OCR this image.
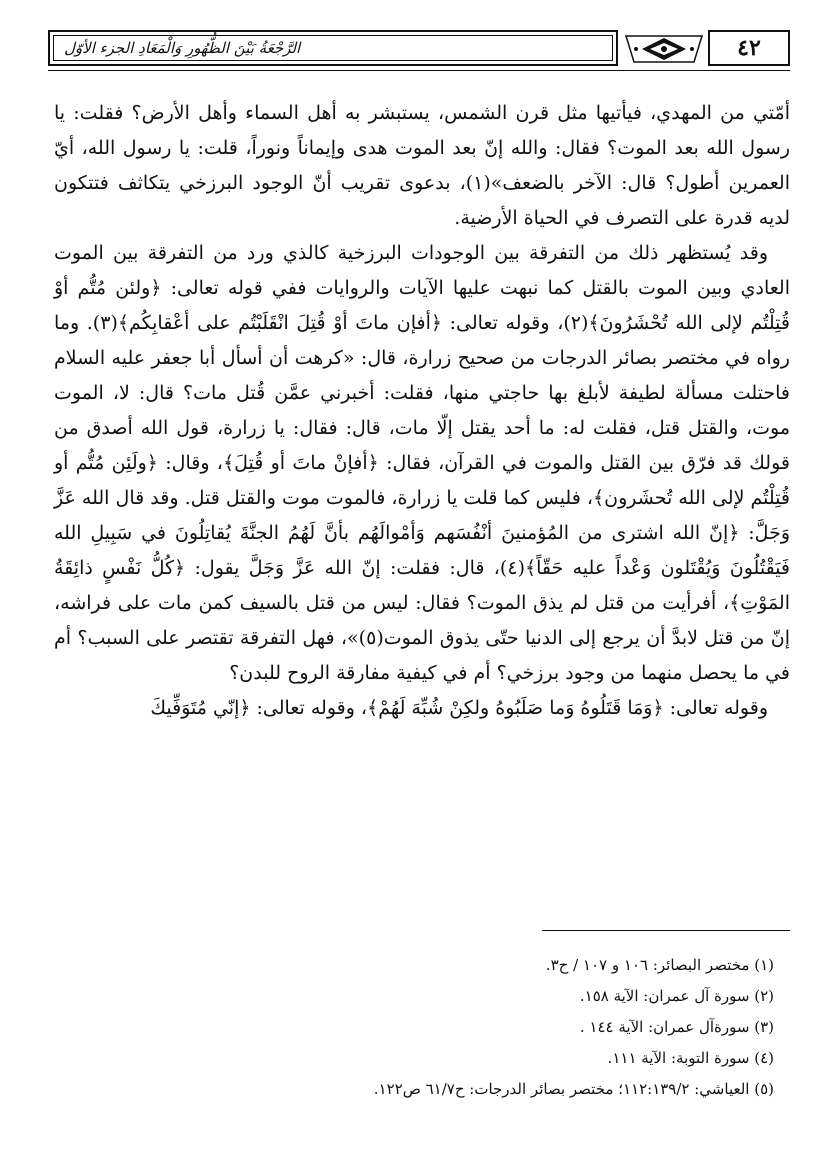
الرَّجْعَةُ بَيْنَ الظُّهُورِ وَالْمَعَادِ الجزء الأوّل	٤٢

أمّتي من المهدي، فيأتيها مثل قرن الشمس، يستبشر به أهل السماء وأهل الأرض؟ فقلت: يا رسول الله بعد الموت؟ فقال: والله إنّ بعد الموت هدى وإيماناً ونوراً، قلت: يا رسول الله، أيّ العمرين أطول؟ قال: الآخر بالضعف»(١)، بدعوى تقريب أنّ الوجود البرزخي يتكاثف فتتكون لديه قدرة على التصرف في الحياة الأرضية.

وقد يُستظهر ذلك من التفرقة بين الوجودات البرزخية كالذي ورد من التفرقة بين الموت العادي وبين الموت بالقتل كما نبهت عليها الآيات والروايات ففي قوله تعالى: ﴿ولئن مُتُّم أوْ قُتِلْتُم لإلى الله تُحْشَرُونَ﴾(٢)، وقوله تعالى: ﴿أفإن ماتَ أوْ قُتِلَ انْقَلَبْتُم على أعْقابِكُم﴾(٣). وما رواه في مختصر بصائر الدرجات من صحيح زرارة، قال: «كرهت أن أسأل أبا جعفر عليه السلام فاحتلت مسألة لطيفة لأبلغ بها حاجتي منها، فقلت: أخبرني عمَّن قُتل مات؟ قال: لا، الموت موت، والقتل قتل، فقلت له: ما أحد يقتل إلّا مات، قال: فقال: يا زرارة، قول الله أصدق من قولك قد فرّق بين القتل والموت في القرآن، فقال: ﴿أفإنْ ماتَ أو قُتِلَ﴾، وقال: ﴿ولَئِن مُتُّم أو قُتِلْتُم لإلى الله تُحشَرون﴾، فليس كما قلت يا زرارة، فالموت موت والقتل قتل. وقد قال الله عَزَّ وَجَلَّ: ﴿إنّ الله اشترى من المُؤمنينَ أنْفُسَهم وَأمْوالَهُم بأنَّ لَهُمُ الجنَّةَ يُقاتِلُونَ في سَبِيلِ الله فَيَقْتُلُونَ وَيُقْتَلون وَعْداً عليه حَقّاً﴾(٤)، قال: فقلت: إنّ الله عَزَّ وَجَلَّ يقول: ﴿كُلُّ نَفْسٍ ذائِقَةُ المَوْتِ﴾، أفرأيت من قتل لم يذق الموت؟ فقال: ليس من قتل بالسيف كمن مات على فراشه، إنّ من قتل لابدَّ أن يرجع إلى الدنيا حتّى يذوق الموت(٥)»، فهل التفرقة تقتصر على السبب؟ أم في ما يحصل منهما من وجود برزخي؟ أم في كيفية مفارقة الروح للبدن؟

وقوله تعالى: ﴿وَمَا قَتَلُوهُ وَما صَلَبُوهُ ولكِنْ شُبِّهَ لَهُمْ﴾، وقوله تعالى: ﴿إنّي مُتَوَفِّيكَ

(١) مختصر البصائر: ١٠٦ و ١٠٧ / ح٣.

(٢) سورة آل عمران: الآية ١٥٨.

(٣) سورةآل عمران: الآية ١٤٤ .

(٤) سورة التوبة: الآية ١١١.

(٥) العياشي: ١١٢:١٣٩/٢؛ مختصر بصائر الدرجات: ح٦١/٧ ص١٢٢.
